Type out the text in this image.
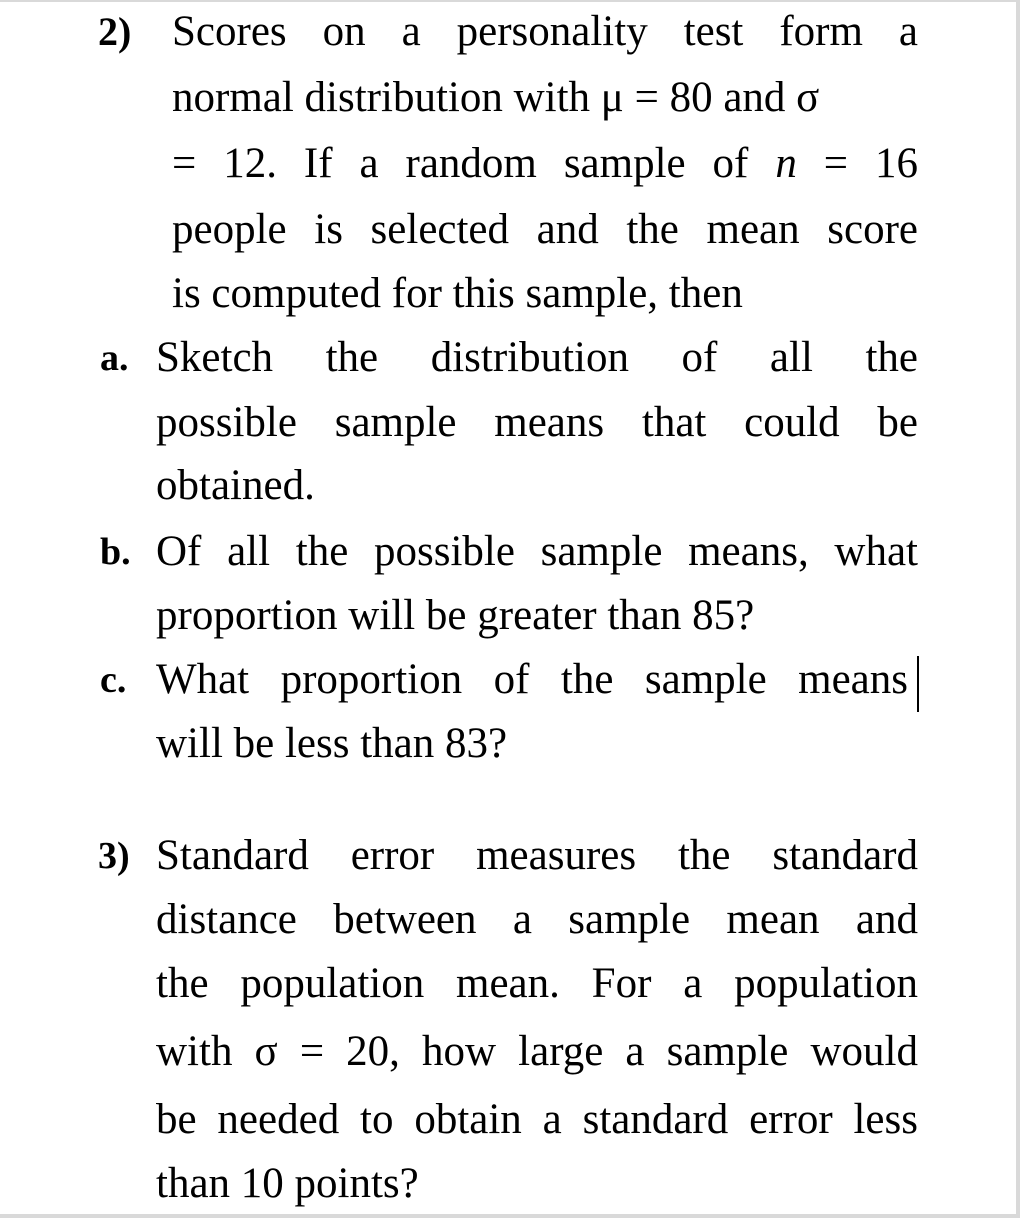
2) Scores on a personality test form a
normal distribution with μ = 80 and σ
= 12. If a random sample of n = 16
people is selected and the mean score
is computed for this sample, then
a. Sketch the distribution of all the
possible sample means that could be
obtained.
b. Of all the possible sample means, what
proportion will be greater than 85?
c. What proportion of the sample means
will be less than 83?
3) Standard error measures the standard
distance between a sample mean and
the population mean. For a population
with σ = 20, how large a sample would
be needed to obtain a standard error less
than 10 points?
